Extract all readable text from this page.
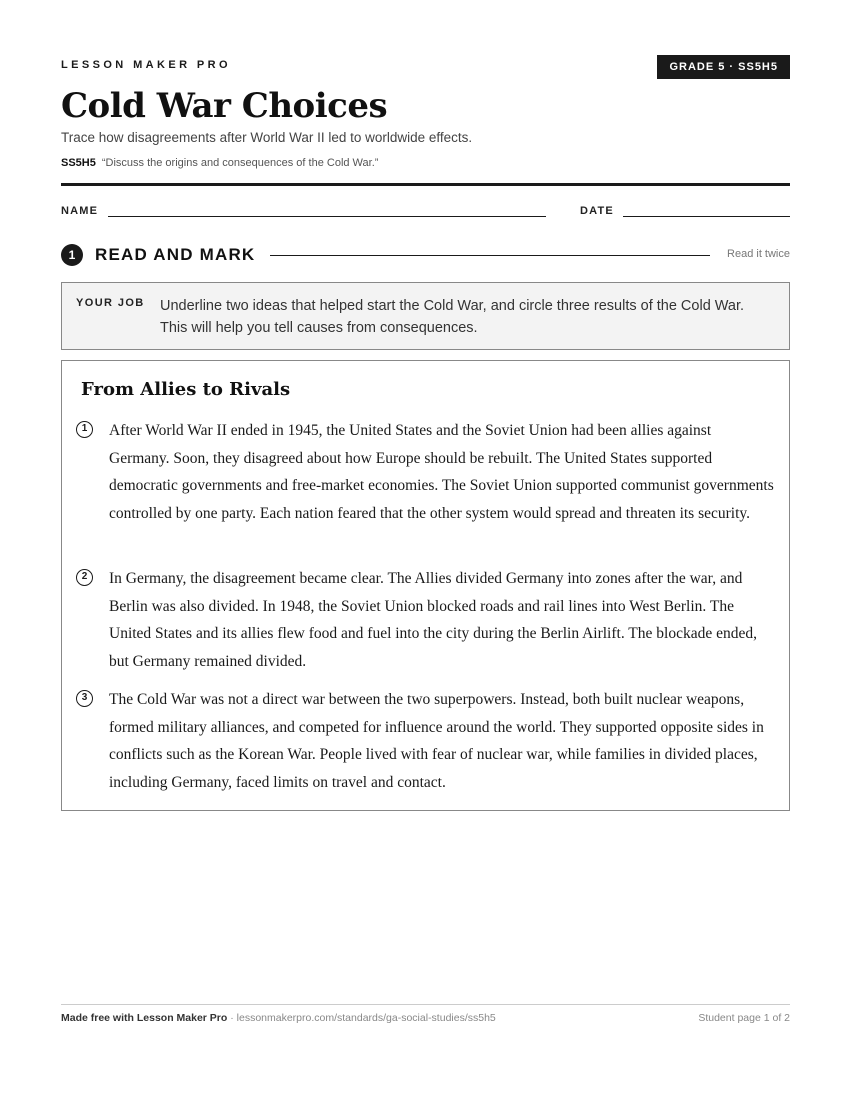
LESSON MAKER PRO	GRADE 5 · SS5H5
Cold War Choices
Trace how disagreements after World War II led to worldwide effects.
SS5H5 “Discuss the origins and consequences of the Cold War.”
NAME	DATE
1	READ AND MARK	Read it twice
YOUR JOB Underline two ideas that helped start the Cold War, and circle three results of the Cold War. This will help you tell causes from consequences.
From Allies to Rivals
1	After World War II ended in 1945, the United States and the Soviet Union had been allies against Germany. Soon, they disagreed about how Europe should be rebuilt. The United States supported democratic governments and free-market economies. The Soviet Union supported communist governments controlled by one party. Each nation feared that the other system would spread and threaten its security.

2	In Germany, the disagreement became clear. The Allies divided Germany into zones after the war, and Berlin was also divided. In 1948, the Soviet Union blocked roads and rail lines into West Berlin. The United States and its allies flew food and fuel into the city during the Berlin Airlift. The blockade ended, but Germany remained divided.

3	The Cold War was not a direct war between the two superpowers. Instead, both built nuclear weapons, formed military alliances, and competed for influence around the world. They supported opposite sides in conflicts such as the Korean War. People lived with fear of nuclear war, while families in divided places, including Germany, faced limits on travel and contact.

Made free with Lesson Maker Pro · lessonmakerpro.com/standards/ga-social-studies/ss5h5	Student page 1 of 2
